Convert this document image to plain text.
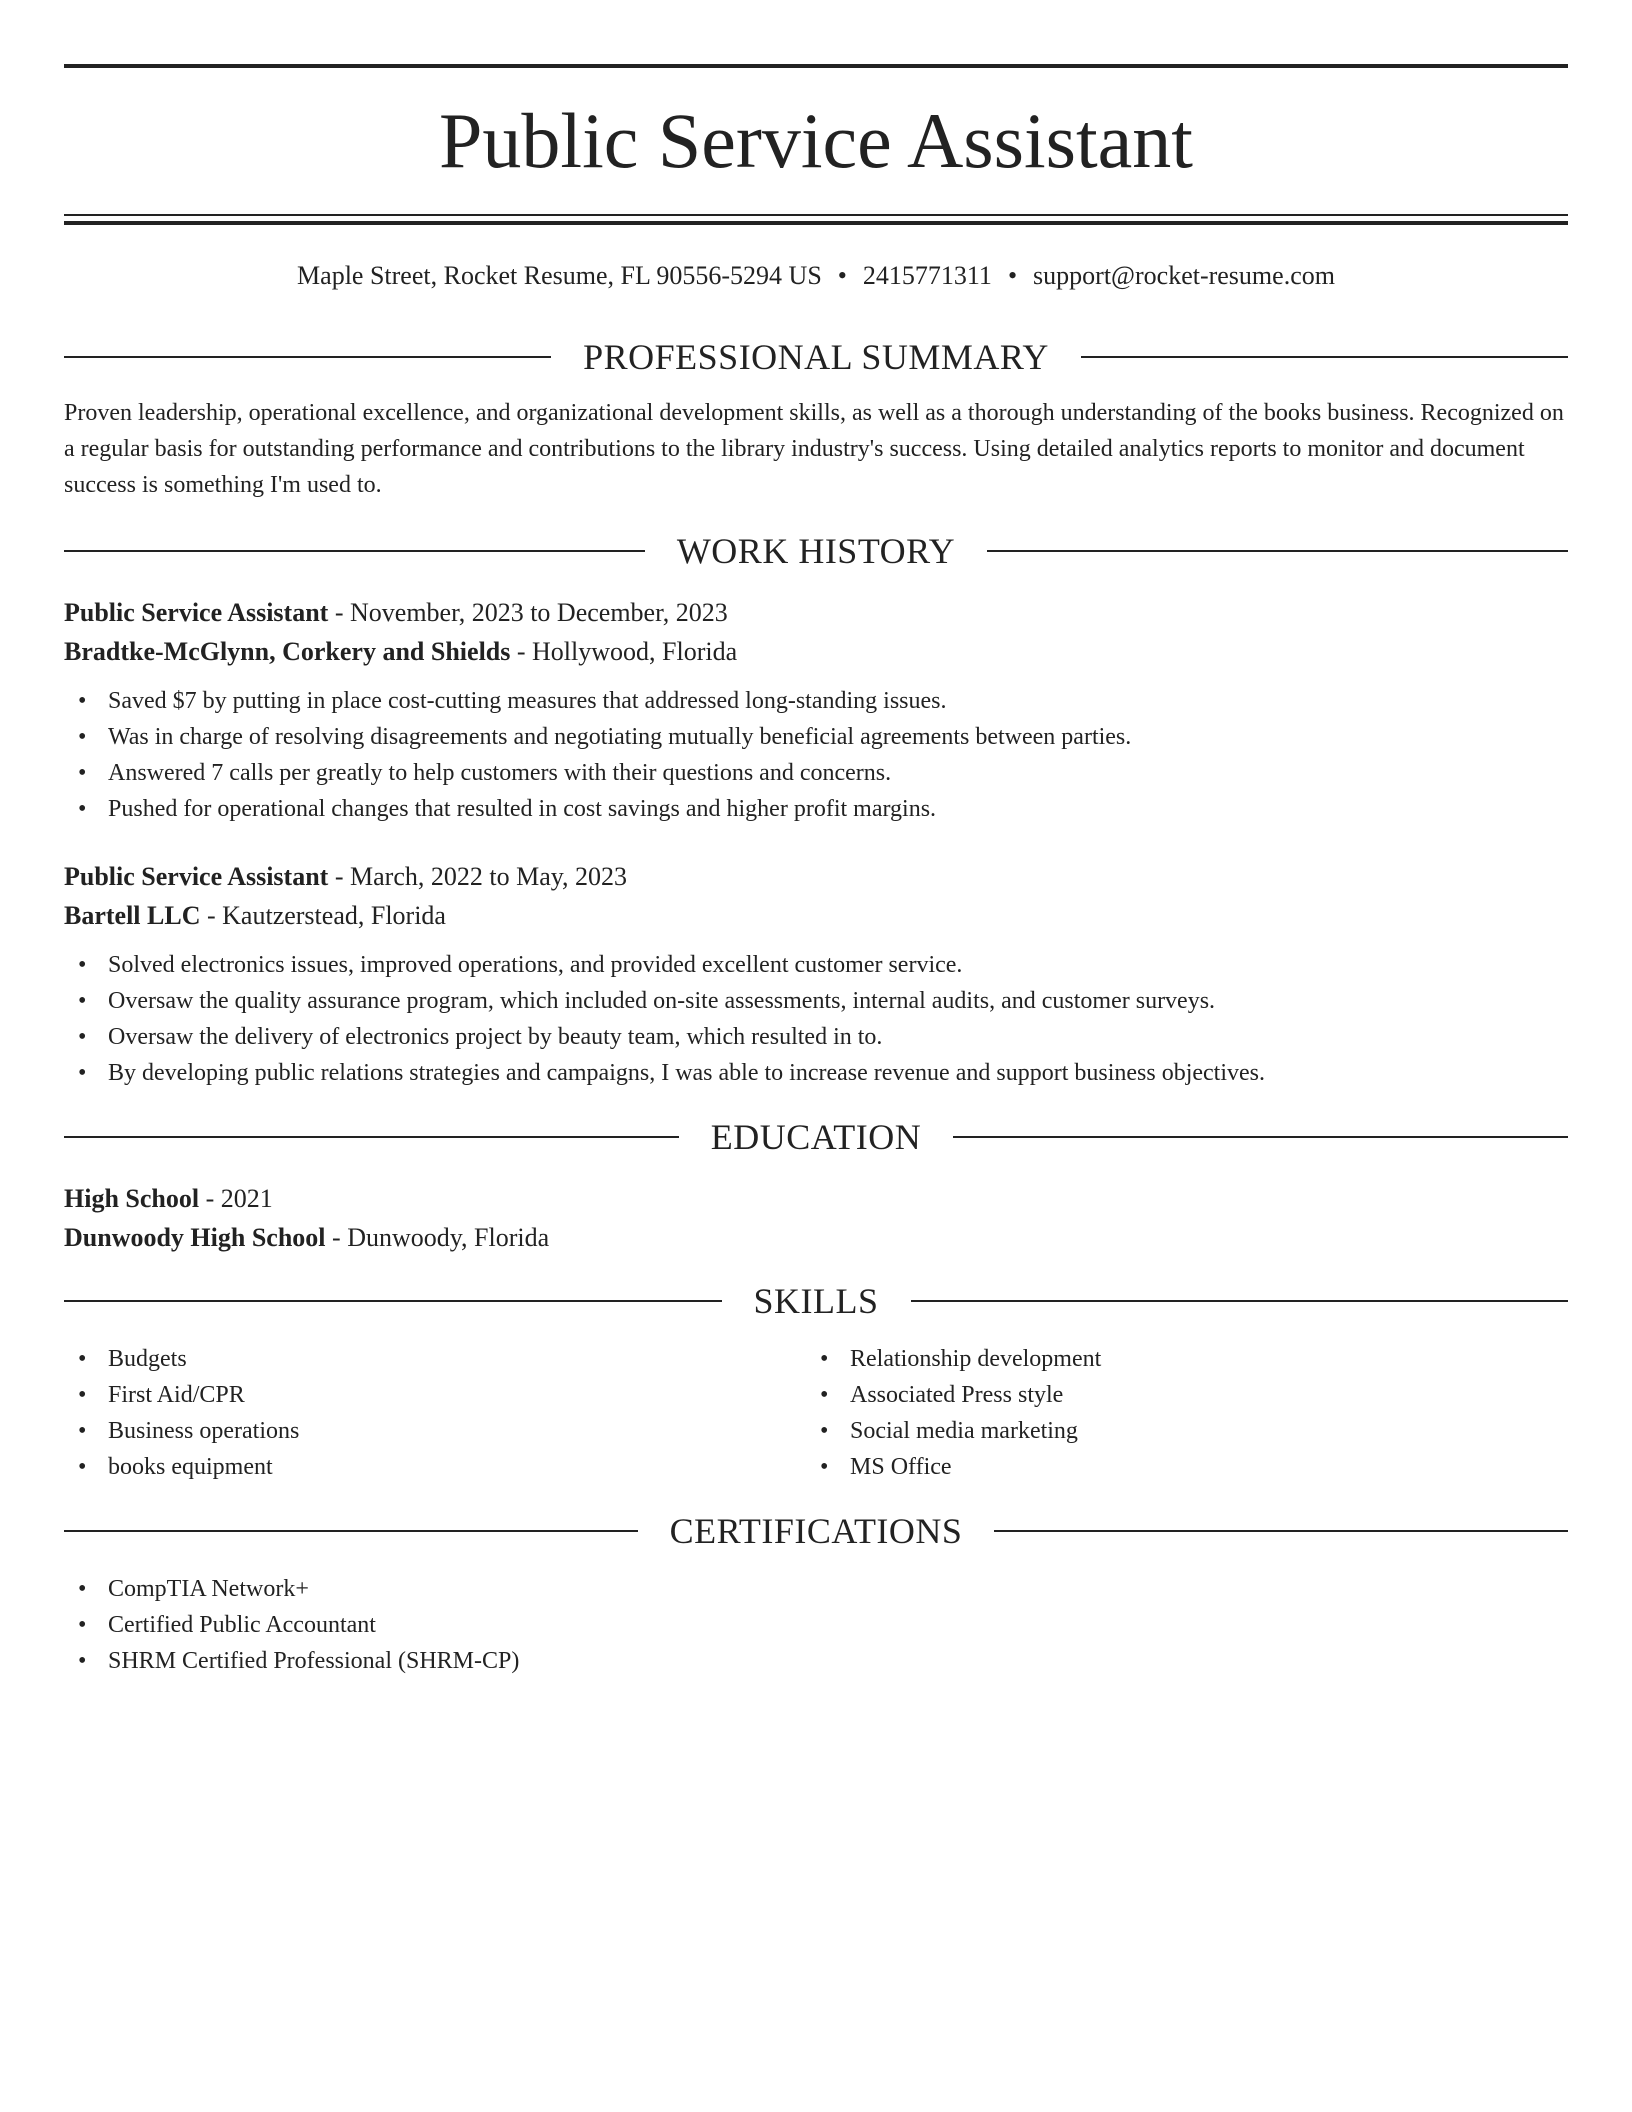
Public Service Assistant
Maple Street, Rocket Resume, FL 90556-5294 US • 2415771311 • support@rocket-resume.com
PROFESSIONAL SUMMARY
Proven leadership, operational excellence, and organizational development skills, as well as a thorough understanding of the books business. Recognized on a regular basis for outstanding performance and contributions to the library industry's success. Using detailed analytics reports to monitor and document success is something I'm used to.
WORK HISTORY
Public Service Assistant - November, 2023 to December, 2023
Bradtke-McGlynn, Corkery and Shields - Hollywood, Florida
• Saved $7 by putting in place cost-cutting measures that addressed long-standing issues.
• Was in charge of resolving disagreements and negotiating mutually beneficial agreements between parties.
• Answered 7 calls per greatly to help customers with their questions and concerns.
• Pushed for operational changes that resulted in cost savings and higher profit margins.
Public Service Assistant - March, 2022 to May, 2023
Bartell LLC - Kautzerstead, Florida
• Solved electronics issues, improved operations, and provided excellent customer service.
• Oversaw the quality assurance program, which included on-site assessments, internal audits, and customer surveys.
• Oversaw the delivery of electronics project by beauty team, which resulted in to.
• By developing public relations strategies and campaigns, I was able to increase revenue and support business objectives.
EDUCATION
High School - 2021
Dunwoody High School - Dunwoody, Florida
SKILLS
• Budgets
• First Aid/CPR
• Business operations
• books equipment
• Relationship development
• Associated Press style
• Social media marketing
• MS Office
CERTIFICATIONS
• CompTIA Network+
• Certified Public Accountant
• SHRM Certified Professional (SHRM-CP)
